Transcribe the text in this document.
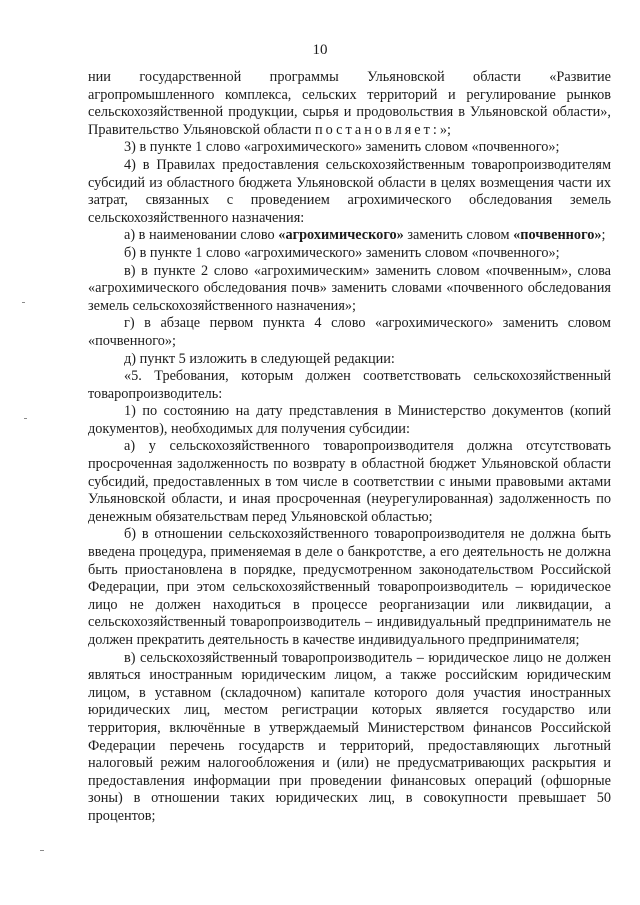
10

нии государственной программы Ульяновской области «Развитие агропромышленного комплекса, сельских территорий и регулирование рынков сельскохозяйственной продукции, сырья и продовольствия в Ульяновской области», Правительство Ульяновской области постановляет:»;

3) в пункте 1 слово «агрохимического» заменить словом «почвенного»;

4) в Правилах предоставления сельскохозяйственным товаропроизводителям субсидий из областного бюджета Ульяновской области в целях возмещения части их затрат, связанных с проведением агрохимического обследования земель сельскохозяйственного назначения:

а) в наименовании слово «агрохимического» заменить словом «почвенного»;

б) в пункте 1 слово «агрохимического» заменить словом «почвенного»;

в) в пункте 2 слово «агрохимическим» заменить словом «почвенным», слова «агрохимического обследования почв» заменить словами «почвенного обследования земель сельскохозяйственного назначения»;

г) в абзаце первом пункта 4 слово «агрохимического» заменить словом «почвенного»;

д) пункт 5 изложить в следующей редакции:

«5. Требования, которым должен соответствовать сельскохозяйственный товаропроизводитель:

1) по состоянию на дату представления в Министерство документов (копий документов), необходимых для получения субсидии:

а) у сельскохозяйственного товаропроизводителя должна отсутствовать просроченная задолженность по возврату в областной бюджет Ульяновской области субсидий, предоставленных в том числе в соответствии с иными правовыми актами Ульяновской области, и иная просроченная (неурегулированная) задолженность по денежным обязательствам перед Ульяновской областью;

б) в отношении сельскохозяйственного товаропроизводителя не должна быть введена процедура, применяемая в деле о банкротстве, а его деятельность не должна быть приостановлена в порядке, предусмотренном законодательством Российской Федерации, при этом сельскохозяйственный товаропроизводитель – юридическое лицо не должен находиться в процессе реорганизации или ликвидации, а сельскохозяйственный товаропроизводитель – индивидуальный предприниматель не должен прекратить деятельность в качестве индивидуального предпринимателя;

в) сельскохозяйственный товаропроизводитель – юридическое лицо не должен являться иностранным юридическим лицом, а также российским юридическим лицом, в уставном (складочном) капитале которого доля участия иностранных юридических лиц, местом регистрации которых является государство или территория, включённые в утверждаемый Министерством финансов Российской Федерации перечень государств и территорий, предоставляющих льготный налоговый режим налогообложения и (или) не предусматривающих раскрытия и предоставления информации при проведении финансовых операций (офшорные зоны) в отношении таких юридических лиц, в совокупности превышает 50 процентов;
